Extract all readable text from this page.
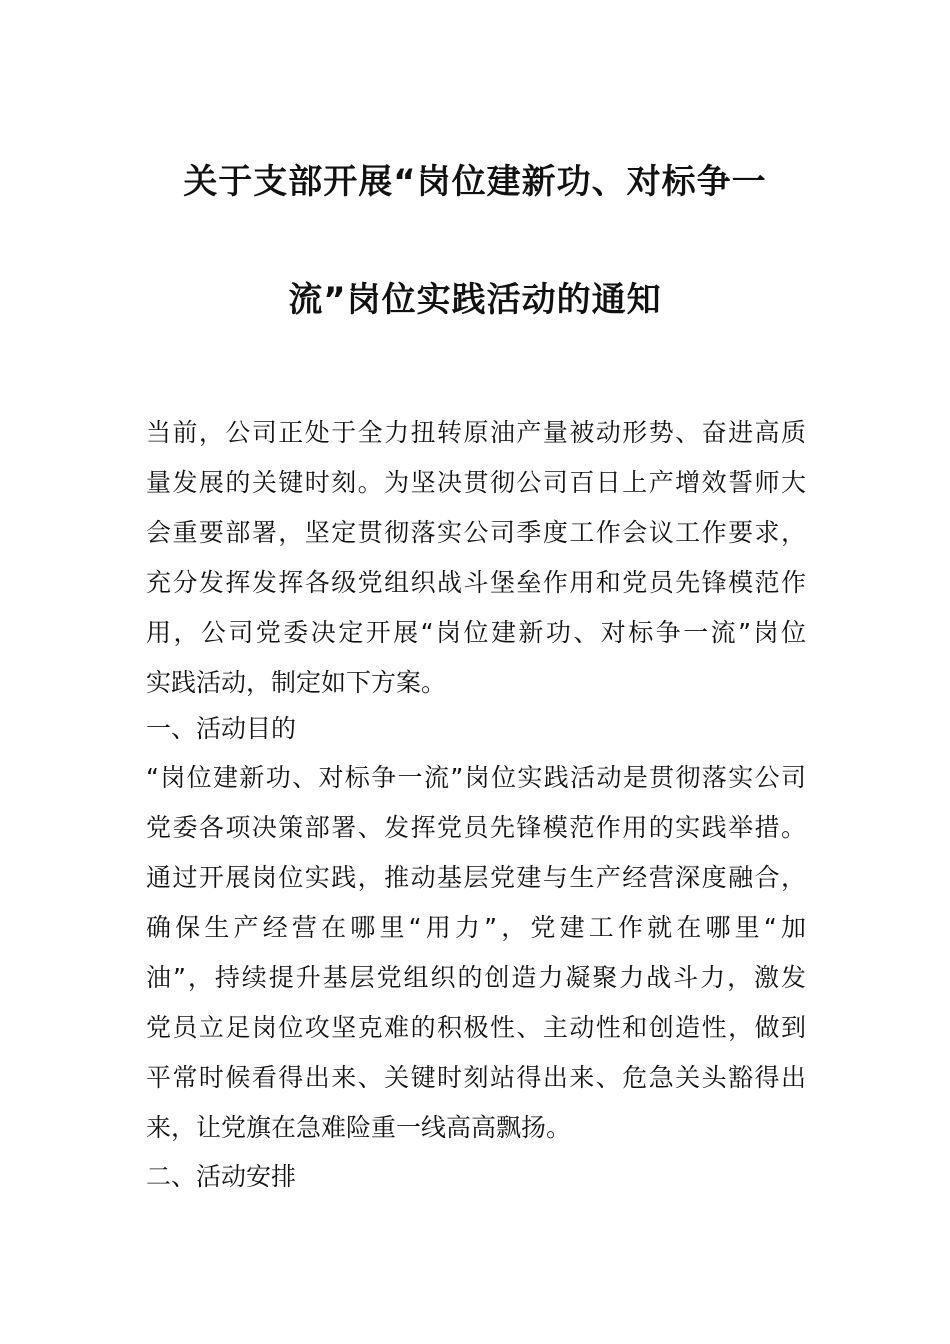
关于支部开展“岗位建新功、对标争一
流”岗位实践活动的通知
当前，公司正处于全力扭转原油产量被动形势、奋进高质
量发展的关键时刻。为坚决贯彻公司百日上产增效誓师大
会重要部署，坚定贯彻落实公司季度工作会议工作要求，
充分发挥发挥各级党组织战斗堡垒作用和党员先锋模范作
用，公司党委决定开展“岗位建新功、对标争一流”岗位
实践活动，制定如下方案。
一、活动目的
“岗位建新功、对标争一流”岗位实践活动是贯彻落实公司
党委各项决策部署、发挥党员先锋模范作用的实践举措。
通过开展岗位实践，推动基层党建与生产经营深度融合，
确保生产经营在哪里“用力”，党建工作就在哪里“加
油”，持续提升基层党组织的创造力凝聚力战斗力，激发
党员立足岗位攻坚克难的积极性、主动性和创造性，做到
平常时候看得出来、关键时刻站得出来、危急关头豁得出
来，让党旗在急难险重一线高高飘扬。
二、活动安排
